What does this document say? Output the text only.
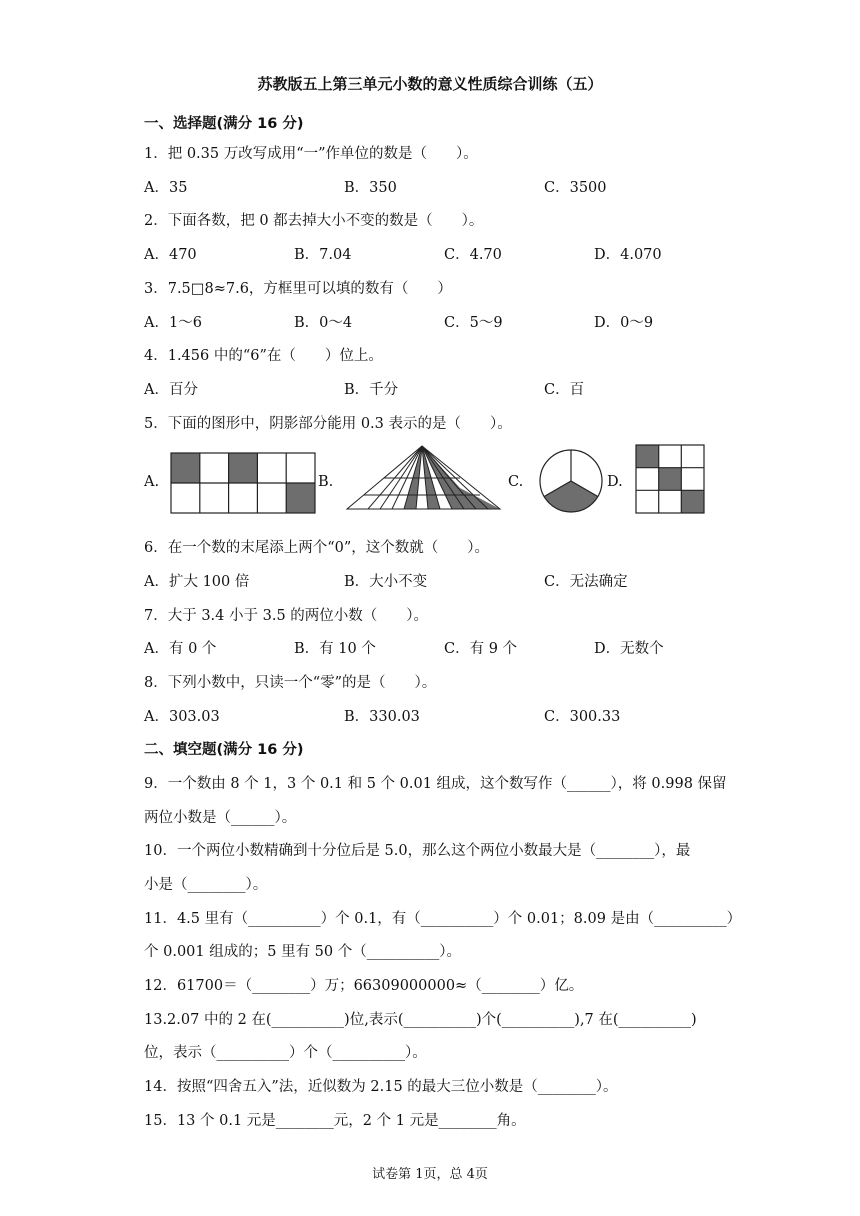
苏教版五上第三单元小数的意义性质综合训练（五）
一、选择题(满分 16 分)
1．把 0.35 万改写成用“一”作单位的数是（　　）。
A．35	B．350	C．3500
2．下面各数，把 0 都去掉大小不变的数是（　　）。
A．470	B．7.04	C．4.70	D．4.070
3．7.5□8≈7.6，方框里可以填的数有（　　）
A．1～6	B．0～4	C．5～9	D．0～9
4．1.456 中的“6”在（　　）位上。
A．百分	B．千分	C．百
5．下面的图形中，阴影部分能用 0.3 表示的是（　　）。
A.	B.	C.	D.
6．在一个数的末尾添上两个“0”，这个数就（　　）。
A．扩大 100 倍	B．大小不变	C．无法确定
7．大于 3.4 小于 3.5 的两位小数（　　）。
A．有 0 个	B．有 10 个	C．有 9 个	D．无数个
8．下列小数中，只读一个“零”的是（　　）。
A．303.03	B．330.03	C．300.33
二、填空题(满分 16 分)
9．一个数由 8 个 1，3 个 0.1 和 5 个 0.01 组成，这个数写作（______），将 0.998 保留
两位小数是（______）。
10．一个两位小数精确到十分位后是 5.0，那么这个两位小数最大是（________），最
小是（________）。
11．4.5 里有（__________）个 0.1，有（__________）个 0.01；8.09 是由（__________）
个 0.001 组成的；5 里有 50 个（__________）。
12．61700＝（________）万；66309000000≈（________）亿。
13.2.07 中的 2 在(__________)位,表示(__________)个(__________),7 在(__________)
位，表示（__________）个（__________）。
14．按照“四舍五入”法，近似数为 2.15 的最大三位小数是（________）。
15．13 个 0.1 元是________元，2 个 1 元是________角。
试卷第 1页，总 4页
